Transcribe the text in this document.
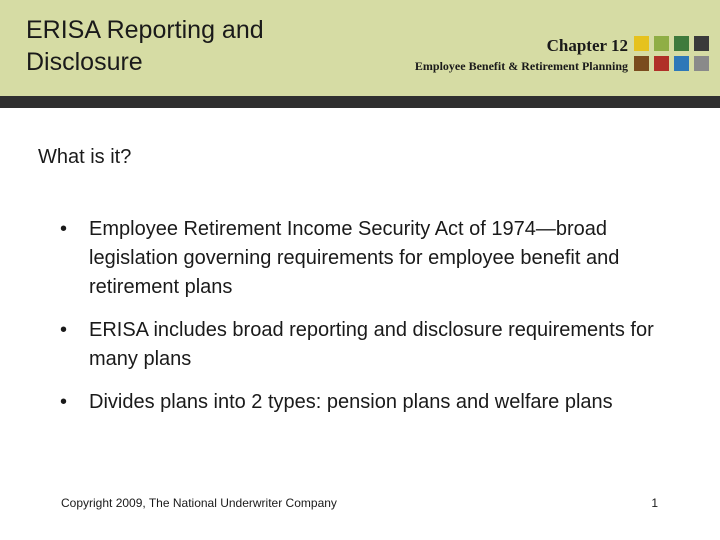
ERISA Reporting and Disclosure
Chapter 12
Employee Benefit & Retirement Planning
What is it?
• Employee Retirement Income Security Act of 1974—broad legislation governing requirements for employee benefit and retirement plans
• ERISA includes broad reporting and disclosure requirements for many plans
• Divides plans into 2 types: pension plans and welfare plans
Copyright 2009, The National Underwriter Company	1
